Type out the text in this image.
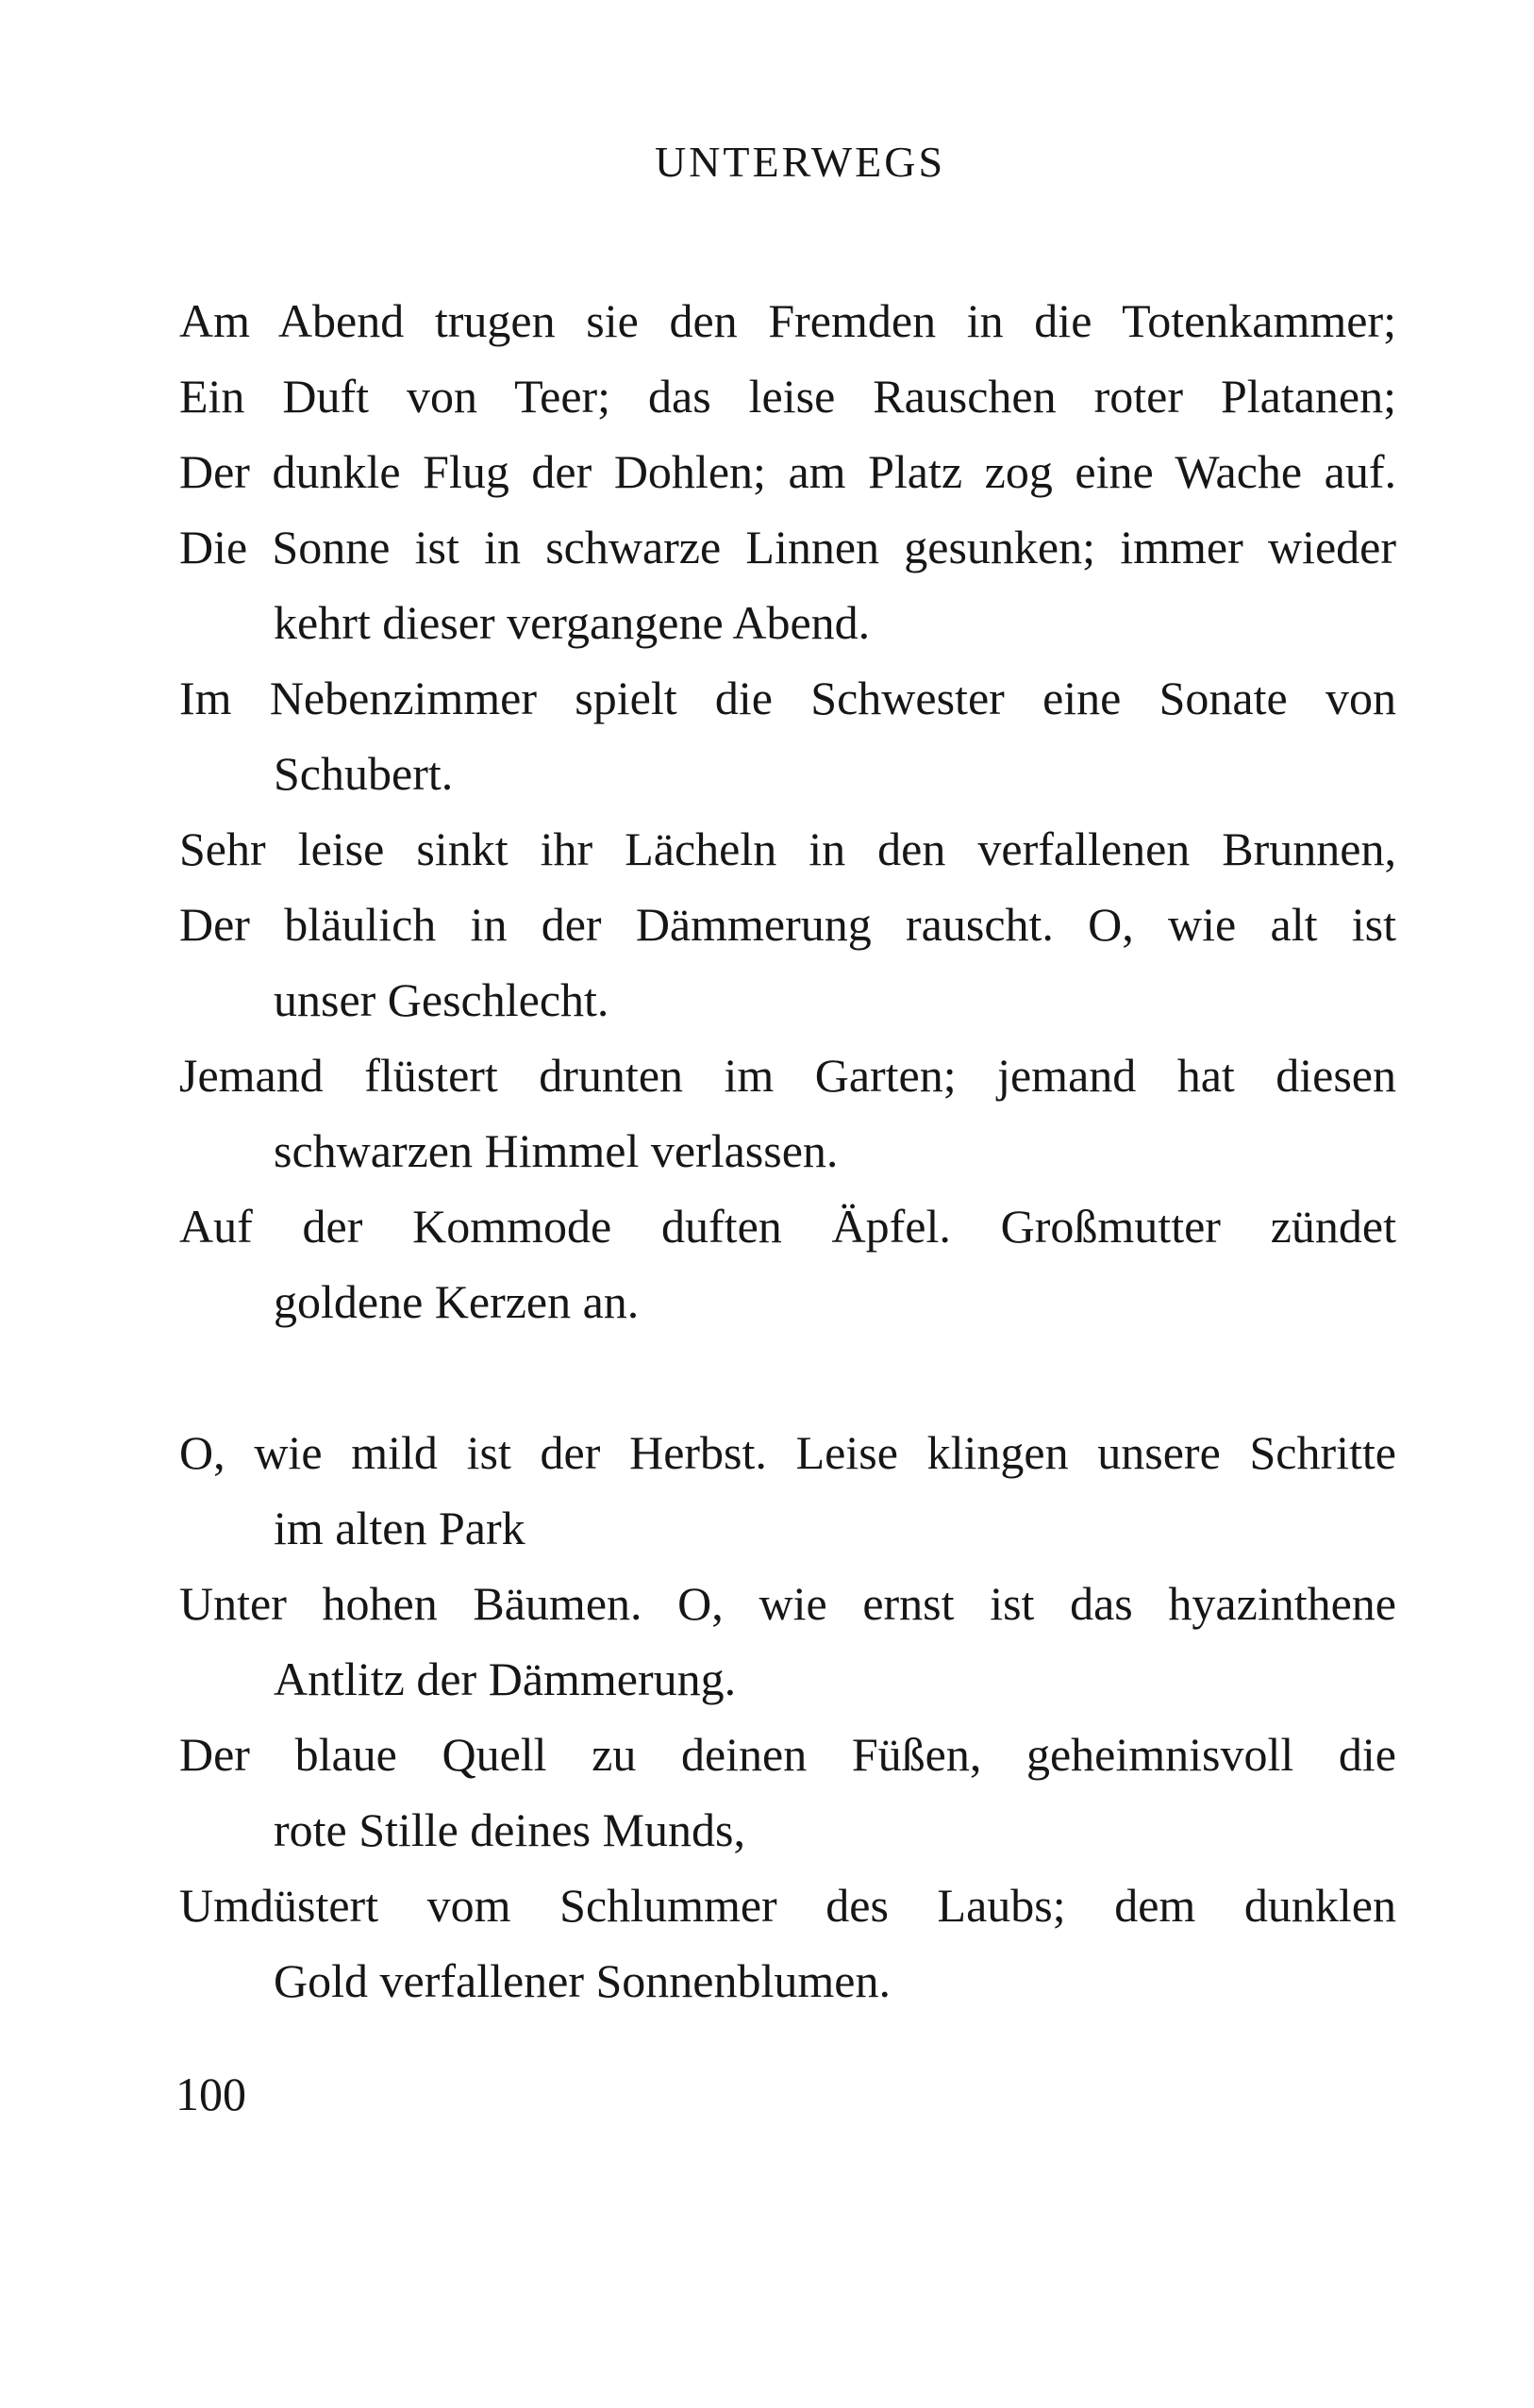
UNTERWEGS
Am Abend trugen sie den Fremden in die Totenkammer;
Ein Duft von Teer; das leise Rauschen roter Platanen;
Der dunkle Flug der Dohlen; am Platz zog eine Wache auf.
Die Sonne ist in schwarze Linnen gesunken; immer wieder
kehrt dieser vergangene Abend.
Im Nebenzimmer spielt die Schwester eine Sonate von
Schubert.
Sehr leise sinkt ihr Lächeln in den verfallenen Brunnen,
Der bläulich in der Dämmerung rauscht. O, wie alt ist
unser Geschlecht.
Jemand flüstert drunten im Garten; jemand hat diesen
schwarzen Himmel verlassen.
Auf der Kommode duften Äpfel. Großmutter zündet
goldene Kerzen an.
O, wie mild ist der Herbst. Leise klingen unsere Schritte
im alten Park
Unter hohen Bäumen. O, wie ernst ist das hyazinthene
Antlitz der Dämmerung.
Der blaue Quell zu deinen Füßen, geheimnisvoll die
rote Stille deines Munds,
Umdüstert vom Schlummer des Laubs; dem dunklen
Gold verfallener Sonnenblumen.
100
